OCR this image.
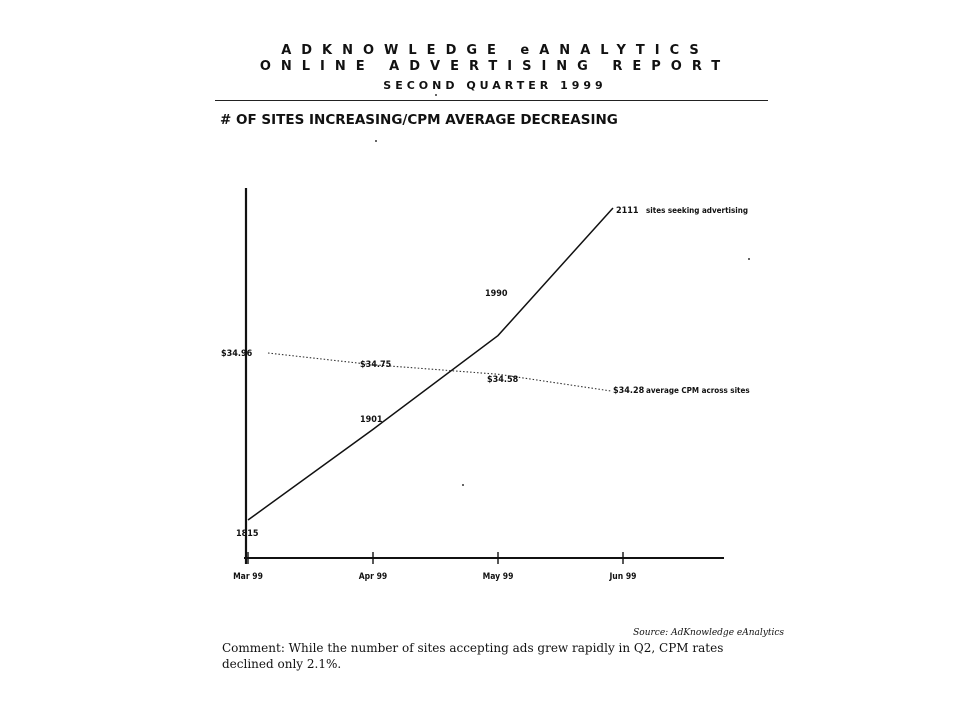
ADKNOWLEDGE eANALYTICS
ONLINE ADVERTISING REPORT
SECOND QUARTER 1999
# OF SITES INCREASING/CPM AVERAGE DECREASING
Mar 99	Apr 99	May 99	Jun 99
1815
1901
1990
2111 sites seeking advertising
$34.96
$34.75
$34.58
$34.28 average CPM across sites
Source: AdKnowledge eAnalytics
Comment: While the number of sites accepting ads grew rapidly in Q2, CPM rates declined only 2.1%.
